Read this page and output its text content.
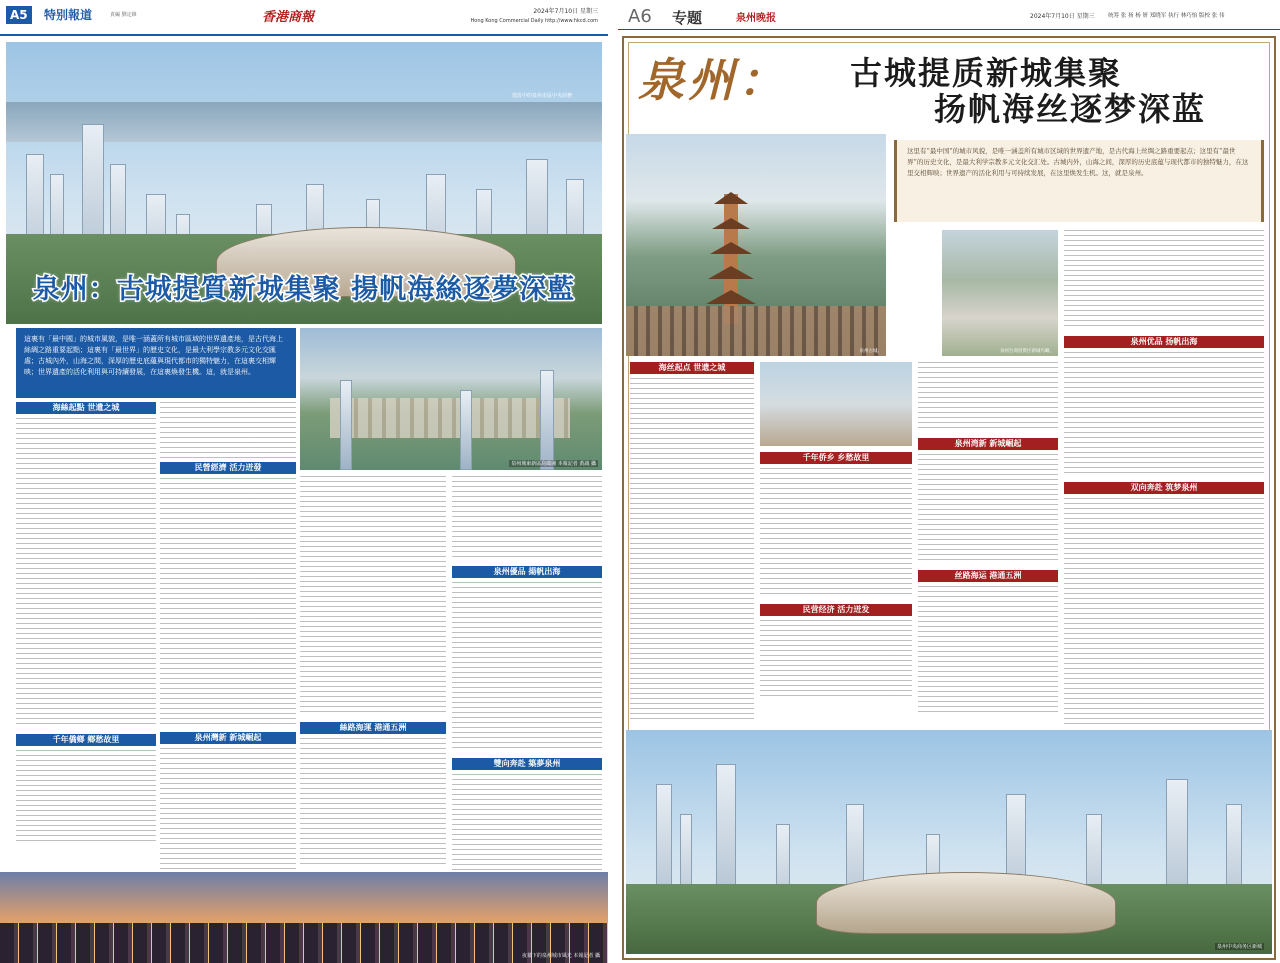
A5	特别報道	責編 劉定維	香港商報	2024年7月10日 星期三
Hong Kong Commercial Daily http://www.hkcd.com
建設中的泉州市區中央商務
泉州：古城提質新城集聚 揚帆海絲逐夢深藍
這裏有「最中國」的城市風貌，是唯一涵蓋所有城市區域的世界遺產地，是古代海上絲綢之路重要起點；這裏有「最世界」的歷史文化，是最大利學宗教多元文化交匯處；古城內外，山海之間，深厚的歷史底蘊與現代都市的獨特魅力，在這裏交相輝映；世界遺產的活化利用與可持續發展，在這裏煥發生機。這，就是泉州。
泉州城東新區鳥瞰圖 本報記者 黃誠 攝
海絲起點 世遺之城
千年僑鄉 鄉愁故里
民營經濟 活力迸發
泉州灣新 新城崛起
絲路海運 港通五洲
泉州優品 揚帆出海
雙向奔赴 築夢泉州
夜幕下的泉州城市風光 本報記者 攝
A6 专题	泉州晚报	2024年7月10日 星期三 统筹 张 扬 杨 妍 郑晓军 执行 林巧怡 版校 张 伟
泉州： 古城提质新城集聚
扬帆海丝逐梦深蓝
泉州古城。
这里有“最中国”的城市风貌，是唯一涵盖所有城市区域的世界遗产地，是古代海上丝绸之路重要起点；这里有“最世界”的历史文化，是最大利学宗教多元文化交汇处。古城内外，山海之间，深厚的历史底蕴与现代都市的独特魅力，在这里交相辉映；世界遗产的活化利用与可持续发展，在这里焕发生机。这，就是泉州。
泉州台商投资区新城鸟瞰。
泉州优品 扬帆出海
双向奔赴 筑梦泉州
海丝起点 世遗之城
千年侨乡 乡愁故里
民营经济 活力迸发
泉州湾新 新城崛起
丝路海运 港通五洲
泉州中央商务区新城
